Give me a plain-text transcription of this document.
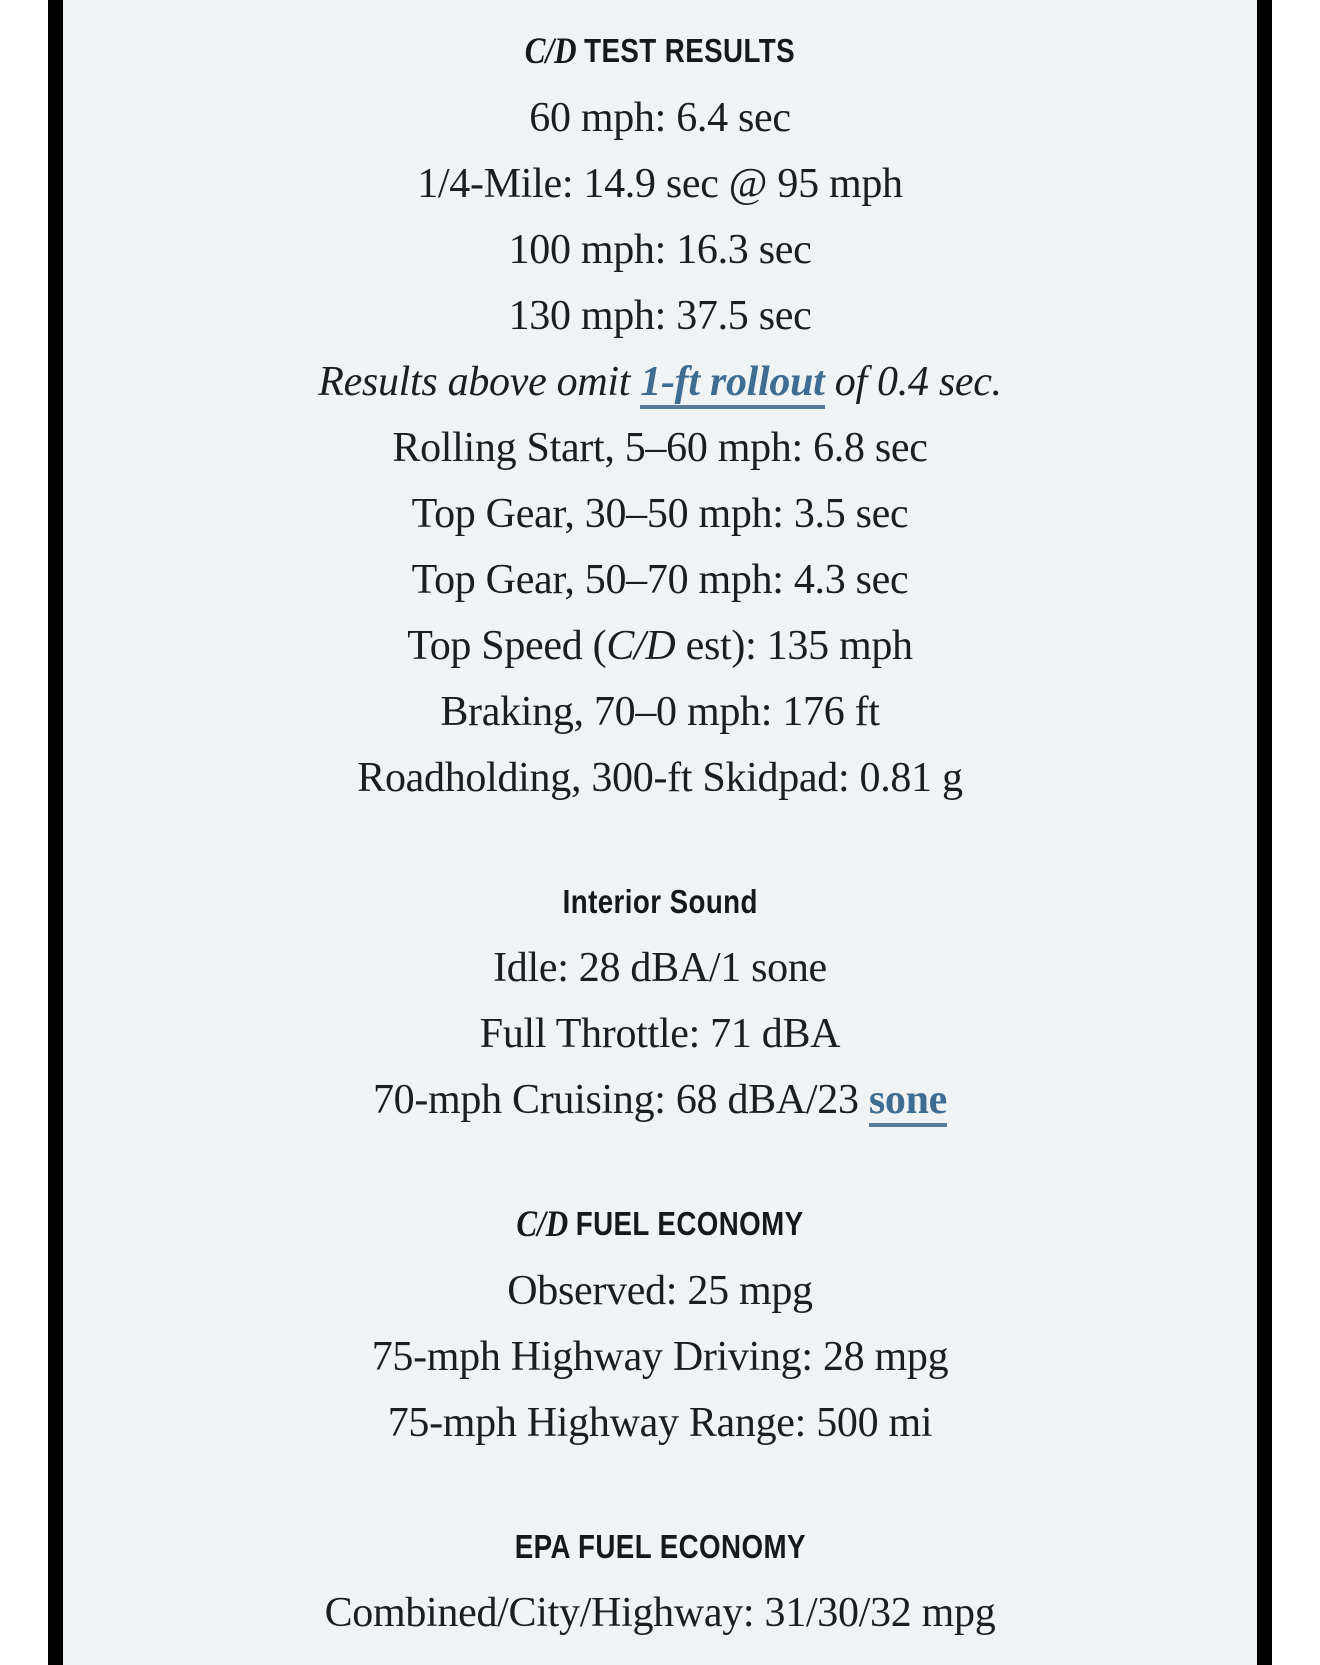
C/D TEST RESULTS
60 mph: 6.4 sec
1/4-Mile: 14.9 sec @ 95 mph
100 mph: 16.3 sec
130 mph: 37.5 sec
Results above omit 1-ft rollout of 0.4 sec.
Rolling Start, 5–60 mph: 6.8 sec
Top Gear, 30–50 mph: 3.5 sec
Top Gear, 50–70 mph: 4.3 sec
Top Speed (C/D est): 135 mph
Braking, 70–0 mph: 176 ft
Roadholding, 300-ft Skidpad: 0.81 g
Interior Sound
Idle: 28 dBA/1 sone
Full Throttle: 71 dBA
70-mph Cruising: 68 dBA/23 sone
C/D FUEL ECONOMY
Observed: 25 mpg
75-mph Highway Driving: 28 mpg
75-mph Highway Range: 500 mi
EPA FUEL ECONOMY
Combined/City/Highway: 31/30/32 mpg
